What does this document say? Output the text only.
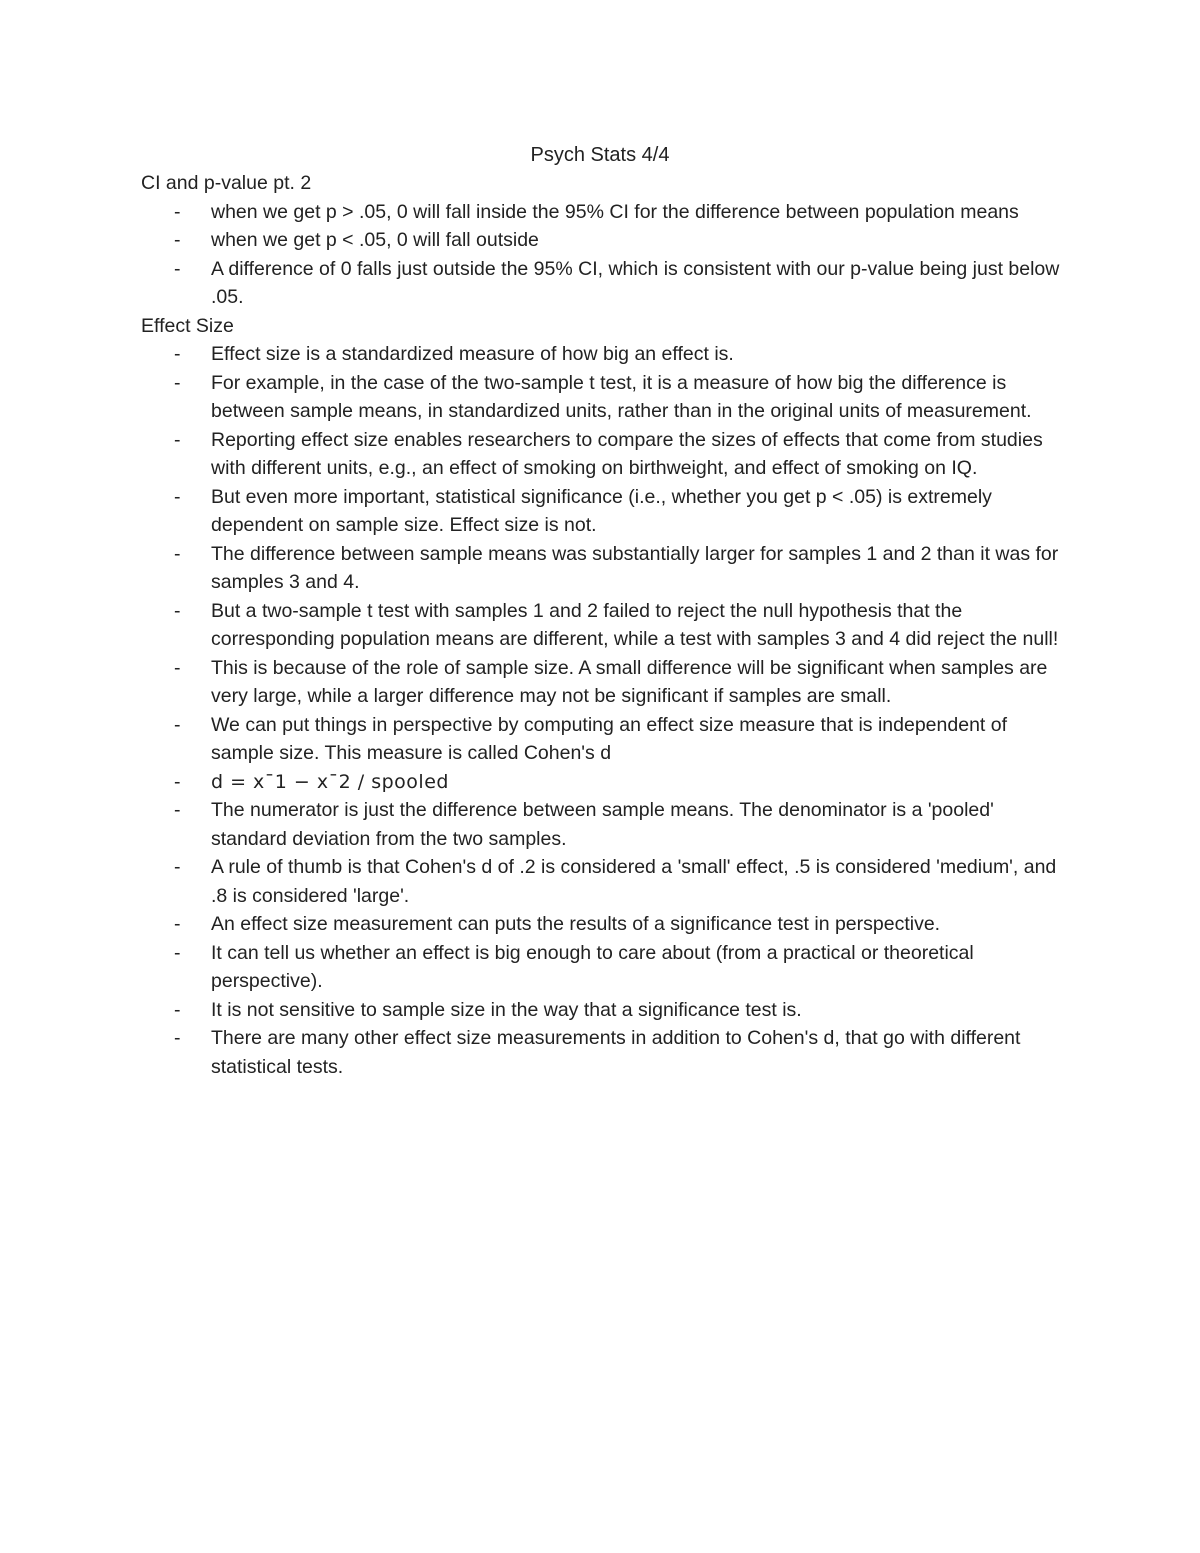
Psych Stats 4/4

CI and p-value pt. 2

- when we get p > .05, 0 will fall inside the 95% CI for the difference between population means
- when we get p < .05, 0 will fall outside
- A difference of 0 falls just outside the 95% CI, which is consistent with our p-value being just below .05.

Effect Size

- Effect size is a standardized measure of how big an effect is.
- For example, in the case of the two-sample t test, it is a measure of how big the difference is between sample means, in standardized units, rather than in the original units of measurement.
- Reporting effect size enables researchers to compare the sizes of effects that come from studies with different units, e.g., an effect of smoking on birthweight, and effect of smoking on IQ.
- But even more important, statistical significance (i.e., whether you get p < .05) is extremely dependent on sample size. Effect size is not.
- The difference between sample means was substantially larger for samples 1 and 2 than it was for samples 3 and 4.
- But a two-sample t test with samples 1 and 2 failed to reject the null hypothesis that the corresponding population means are different, while a test with samples 3 and 4 did reject the null!
- This is because of the role of sample size. A small difference will be significant when samples are very large, while a larger difference may not be significant if samples are small.
- We can put things in perspective by computing an effect size measure that is independent of sample size. This measure is called Cohen's d
- d = x¯1 − x¯2 / spooled
- The numerator is just the difference between sample means. The denominator is a 'pooled' standard deviation from the two samples.
- A rule of thumb is that Cohen's d of .2 is considered a 'small' effect, .5 is considered 'medium', and .8 is considered 'large'.
- An effect size measurement can puts the results of a significance test in perspective.
- It can tell us whether an effect is big enough to care about (from a practical or theoretical perspective).
- It is not sensitive to sample size in the way that a significance test is.
- There are many other effect size measurements in addition to Cohen's d, that go with different statistical tests.
